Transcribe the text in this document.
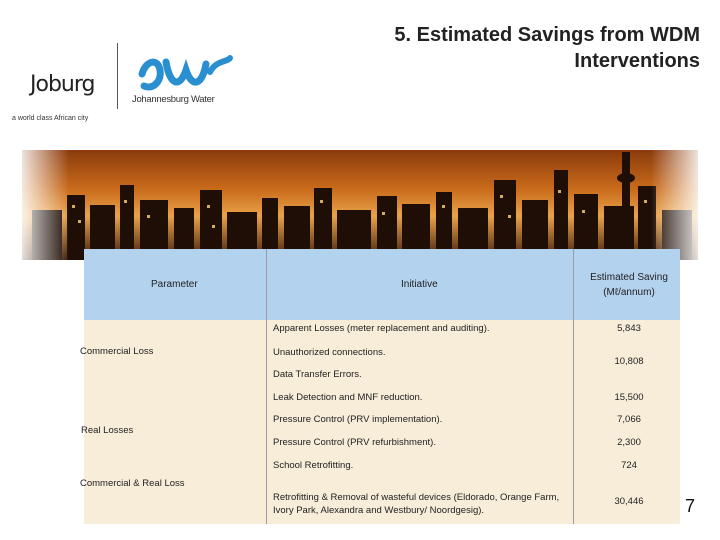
Joburg
a world class African city
Johannesburg Water
5. Estimated Savings from WDM
Interventions
Parameter	Initiative
Estimated Saving
(Mℓ/annum)
Commercial Loss
Real Losses
Commercial & Real Loss
Apparent Losses (meter replacement and auditing).
Unauthorized connections.
Data Transfer Errors.
Leak Detection and MNF reduction.
Pressure Control (PRV implementation).
Pressure Control (PRV refurbishment).
School Retrofitting.
Retrofitting & Removal of wasteful devices (Eldorado, Orange Farm,
Ivory Park, Alexandra and Westbury/ Noordgesig).
5,843
10,808
15,500
7,066
2,300
724
30,446	7
